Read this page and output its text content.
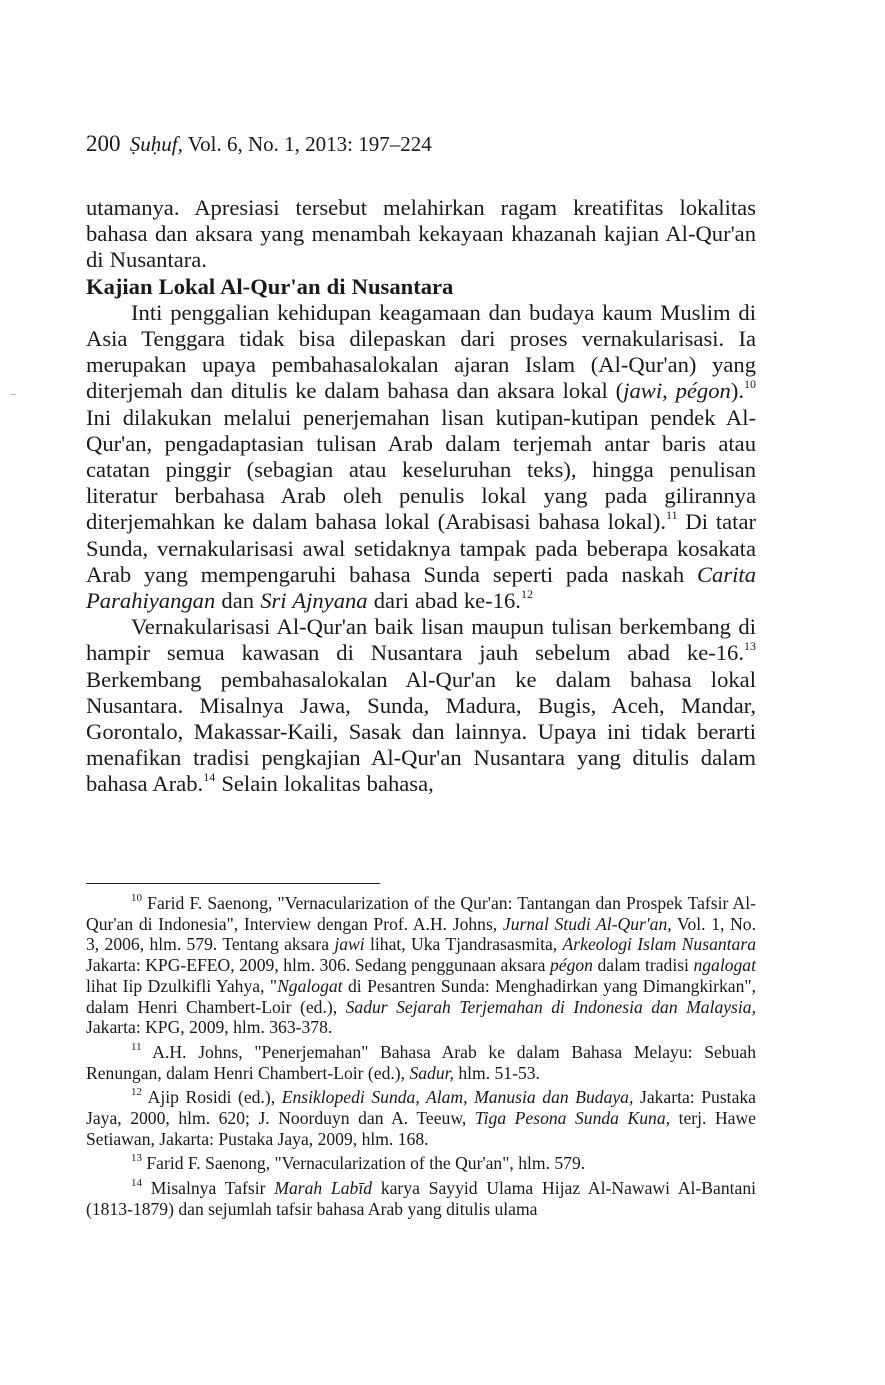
–
200 Ṣuḥuf, Vol. 6, No. 1, 2013: 197–224

utamanya. Apresiasi tersebut melahirkan ragam kreatifitas lokalitas bahasa dan aksara yang menambah kekayaan khazanah kajian Al-Qur'an di Nusantara.

Kajian Lokal Al-Qur'an di Nusantara

Inti penggalian kehidupan keagamaan dan budaya kaum Muslim di Asia Tenggara tidak bisa dilepaskan dari proses vernakularisasi. Ia merupakan upaya pembahasalokalan ajaran Islam (Al-Qur'an) yang diterjemah dan ditulis ke dalam bahasa dan aksara lokal (jawi, pégon).$^{10}$ Ini dilakukan melalui penerjemahan lisan kutipan-kutipan pendek Al-Qur'an, pengadaptasian tulisan Arab dalam terjemah antar baris atau catatan pinggir (sebagian atau keseluruhan teks), hingga penulisan literatur berbahasa Arab oleh penulis lokal yang pada gilirannya diterjemahkan ke dalam bahasa lokal (Arabisasi bahasa lokal).$^{11}$ Di tatar Sunda, vernakularisasi awal setidaknya tampak pada beberapa kosakata Arab yang mempengaruhi bahasa Sunda seperti pada naskah Carita Parahiyangan dan Sri Ajnyana dari abad ke-16.12

Vernakularisasi Al-Qur'an baik lisan maupun tulisan berkembang di hampir semua kawasan di Nusantara jauh sebelum abad ke-16.13 Berkembang pembahasalokalan Al-Qur'an ke dalam bahasa lokal Nusantara. Misalnya Jawa, Sunda, Madura, Bugis, Aceh, Mandar, Gorontalo, Makassar-Kaili, Sasak dan lainnya. Upaya ini tidak berarti menafikan tradisi pengkajian Al-Qur'an Nusantara yang ditulis dalam bahasa Arab.$^{14}$ Selain lokalitas bahasa,

$^{10}$ Farid F. Saenong, "Vernacularization of the Qur'an: Tantangan dan Prospek Tafsir Al-Qur'an di Indonesia", Interview dengan Prof. A.H. Johns, Jurnal Studi Al-Qur'an, Vol. 1, No. 3, 2006, hlm. 579. Tentang aksara jawi lihat, Uka Tjandrasasmita, Arkeologi Islam Nusantara Jakarta: KPG-EFEO, 2009, hlm. 306. Sedang penggunaan aksara pégon dalam tradisi ngalogat lihat Iip Dzulkifli Yahya, "Ngalogat di Pesantren Sunda: Menghadirkan yang Dimangkirkan", dalam Henri Chambert-Loir (ed.), Sadur Sejarah Terjemahan di Indonesia dan Malaysia, Jakarta: KPG, 2009, hlm. 363-378.

$^{11}$ A.H. Johns, "Penerjemahan" Bahasa Arab ke dalam Bahasa Melayu: Sebuah Renungan, dalam Henri Chambert-Loir (ed.), Sadur, hlm. 51-53.

$^{12}$ Ajip Rosidi (ed.), Ensiklopedi Sunda, Alam, Manusia dan Budaya, Jakarta: Pustaka Jaya, 2000, hlm. 620; J. Noorduyn dan A. Teeuw, Tiga Pesona Sunda Kuna, terj. Hawe Setiawan, Jakarta: Pustaka Jaya, 2009, hlm. 168.

$^{13}$ Farid F. Saenong, "Vernacularization of the Qur'an", hlm. 579.

$^{14}$ Misalnya Tafsir Marah Labīd karya Sayyid Ulama Hijaz Al-Nawawi Al-Bantani (1813-1879) dan sejumlah tafsir bahasa Arab yang ditulis ulama
